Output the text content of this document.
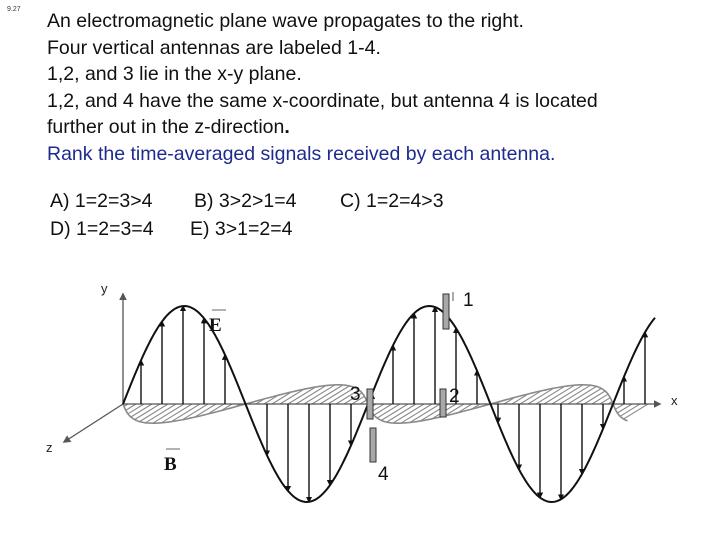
9.27
An electromagnetic plane wave propagates to the right.
Four vertical antennas are labeled 1-4.
1,2, and 3 lie in the x-y plane.
1,2, and 4 have the same x-coordinate, but antenna 4 is located
further out in the z-direction.
Rank the time-averaged signals received by each antenna.
A) 1=2=3>4 B) 3>2>1=4 C) 1=2=4>3
D) 1=2=3=4 E) 3>1=2=4
y
x
z
E
B
1
2
3
4
